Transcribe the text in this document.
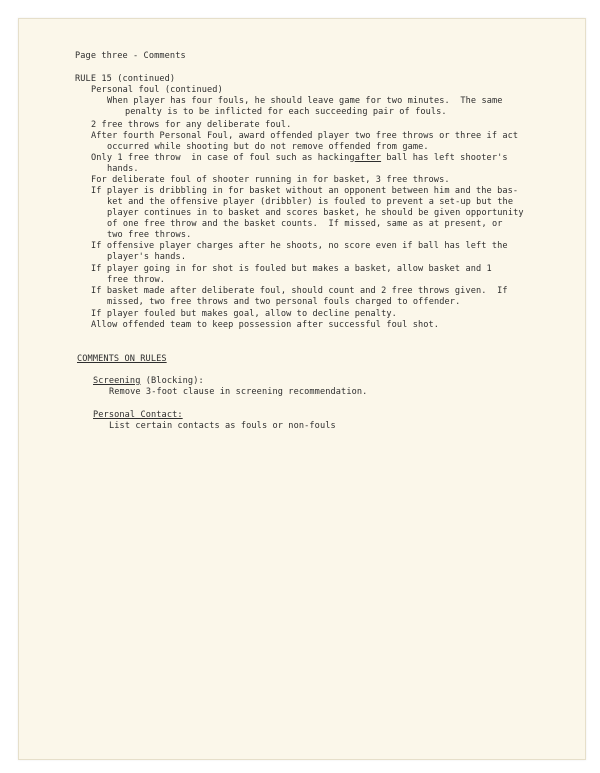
Page three - Comments
RULE 15 (continued)
Personal foul (continued)
When player has four fouls, he should leave game for two minutes.  The same
penalty is to be inflicted for each succeeding pair of fouls.
2 free throws for any deliberate foul.
After fourth Personal Foul, award offended player two free throws or three if act
occurred while shooting but do not remove offended from game.
Only 1 free throw  in case of foul such as hackingafter ball has left shooter's
hands.
For deliberate foul of shooter running in for basket, 3 free throws.
If player is dribbling in for basket without an opponent between him and the bas-
ket and the offensive player (dribbler) is fouled to prevent a set-up but the
player continues in to basket and scores basket, he should be given opportunity
of one free throw and the basket counts.  If missed, same as at present, or
two free throws.
If offensive player charges after he shoots, no score even if ball has left the
player's hands.
If player going in for shot is fouled but makes a basket, allow basket and 1
free throw.
If basket made after deliberate foul, should count and 2 free throws given.  If
missed, two free throws and two personal fouls charged to offender.
If player fouled but makes goal, allow to decline penalty.
Allow offended team to keep possession after successful foul shot.
COMMENTS ON RULES
Screening (Blocking):
Remove 3-foot clause in screening recommendation.
Personal Contact:
List certain contacts as fouls or non-fouls
